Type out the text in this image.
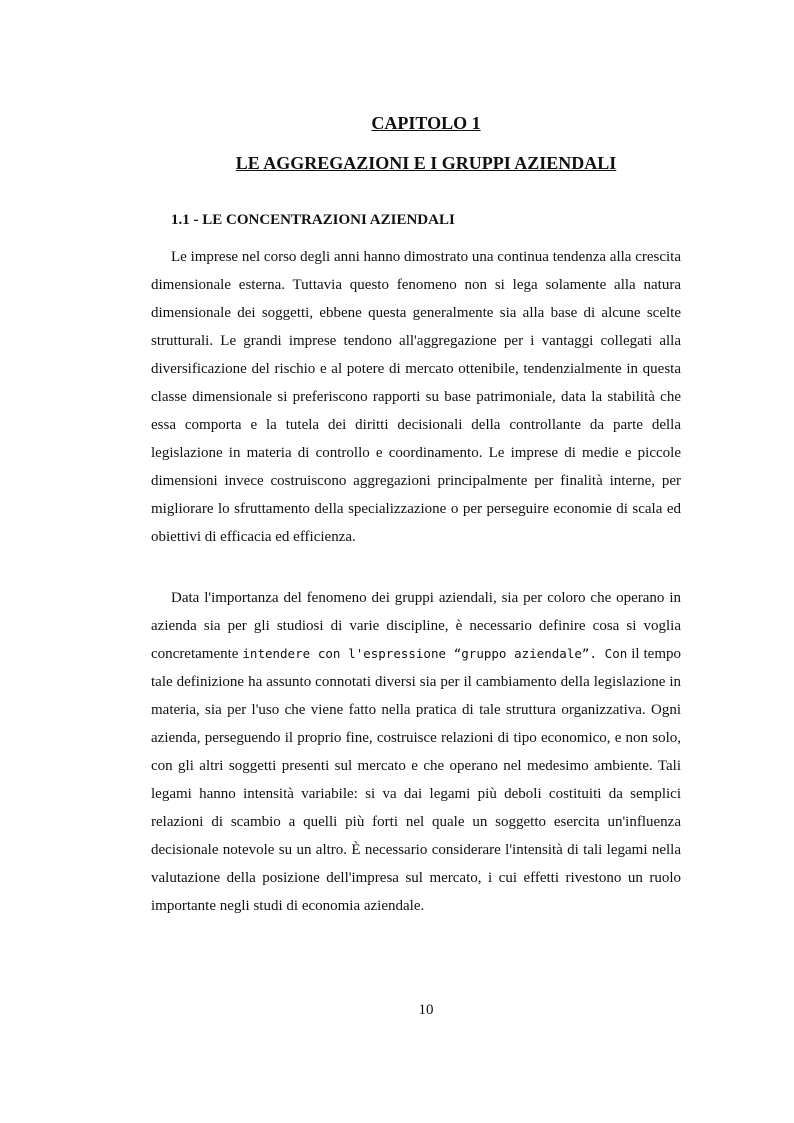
CAPITOLO 1
LE AGGREGAZIONI E I GRUPPI AZIENDALI
1.1 - LE CONCENTRAZIONI AZIENDALI

Le imprese nel corso degli anni hanno dimostrato una continua tendenza alla crescita dimensionale esterna. Tuttavia questo fenomeno non si lega solamente alla natura dimensionale dei soggetti, ebbene questa generalmente sia alla base di alcune scelte strutturali. Le grandi imprese tendono all'aggregazione per i vantaggi collegati alla diversificazione del rischio e al potere di mercato ottenibile, tendenzialmente in questa classe dimensionale si preferiscono rapporti su base patrimoniale, data la stabilità che essa comporta e la tutela dei diritti decisionali della controllante da parte della legislazione in materia di controllo e coordinamento. Le imprese di medie e piccole dimensioni invece costruiscono aggregazioni principalmente per finalità interne, per migliorare lo sfruttamento della specializzazione o per perseguire economie di scala ed obiettivi di efficacia ed efficienza.

Data l'importanza del fenomeno dei gruppi aziendali, sia per coloro che operano in azienda sia per gli studiosi di varie discipline, è necessario definire cosa si voglia concretamente intendere con l'espressione “gruppo aziendale”. Con il tempo tale definizione ha assunto connotati diversi sia per il cambiamento della legislazione in materia, sia per l'uso che viene fatto nella pratica di tale struttura organizzativa. Ogni azienda, perseguendo il proprio fine, costruisce relazioni di tipo economico, e non solo, con gli altri soggetti presenti sul mercato e che operano nel medesimo ambiente. Tali legami hanno intensità variabile: si va dai legami più deboli costituiti da semplici relazioni di scambio a quelli più forti nel quale un soggetto esercita un'influenza decisionale notevole su un altro. È necessario considerare l'intensità di tali legami nella valutazione della posizione dell'impresa sul mercato, i cui effetti rivestono un ruolo importante negli studi di economia aziendale.

10
